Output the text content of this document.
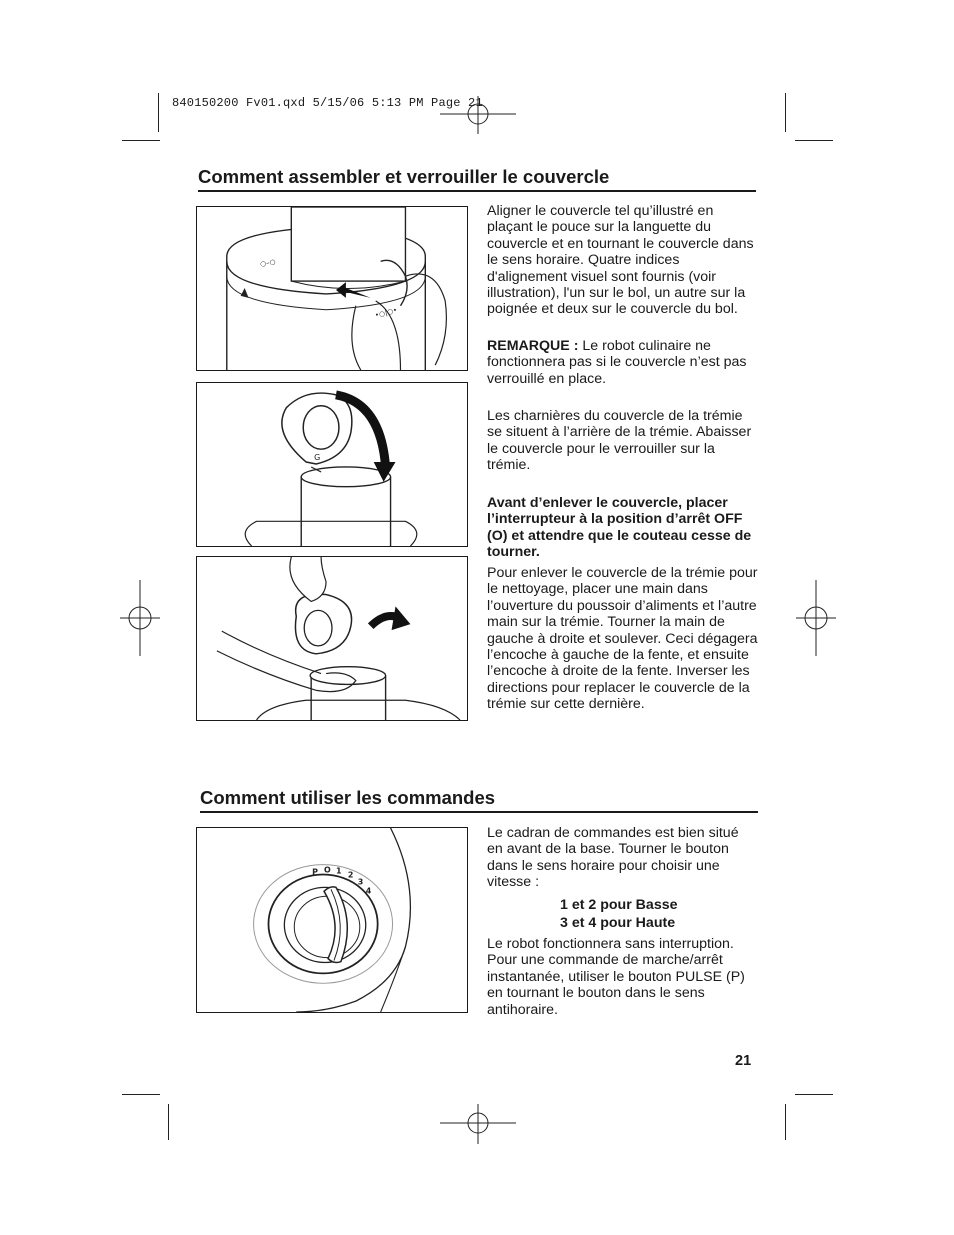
840150200 Fv01.qxd 5/15/06 5:13 PM Page 21
Comment assembler et verrouiller le couvercle
○–○
•○|○•
G

Aligner le couvercle tel qu’illustré en plaçant le pouce sur la languette du couvercle et en tournant le couvercle dans le sens horaire. Quatre indices d'alignement visuel sont fournis (voir illustration), l'un sur le bol, un autre sur la poignée et deux sur le couvercle du bol.

REMARQUE : Le robot culinaire ne fonctionnera pas si le couvercle n’est pas verrouillé en place.

Les charnières du couvercle de la trémie se situent à l’arrière de la trémie. Abaisser le couvercle pour le verrouiller sur la trémie.

Avant d’enlever le couvercle, placer l’interrupteur à la position d’arrêt OFF (O) et attendre que le couteau cesse de tourner.

Pour enlever le couvercle de la trémie pour le nettoyage, placer une main dans l’ouverture du poussoir d’aliments et l’autre main sur la trémie. Tourner la main de gauche à droite et soulever. Ceci dégagera l’encoche à gauche de la fente, et ensuite l’encoche à droite de la fente. Inverser les directions pour replacer le couvercle de la trémie sur cette dernière.

Comment utiliser les commandes
P O 1 2
3
4

Le cadran de commandes est bien situé en avant de la base. Tourner le bouton dans le sens horaire pour choisir une vitesse :

1 et 2 pour Basse
3 et 4 pour Haute

Le robot fonctionnera sans interruption. Pour une commande de marche/arrêt instantanée, utiliser le bouton PULSE (P) en tournant le bouton dans le sens antihoraire.

21
